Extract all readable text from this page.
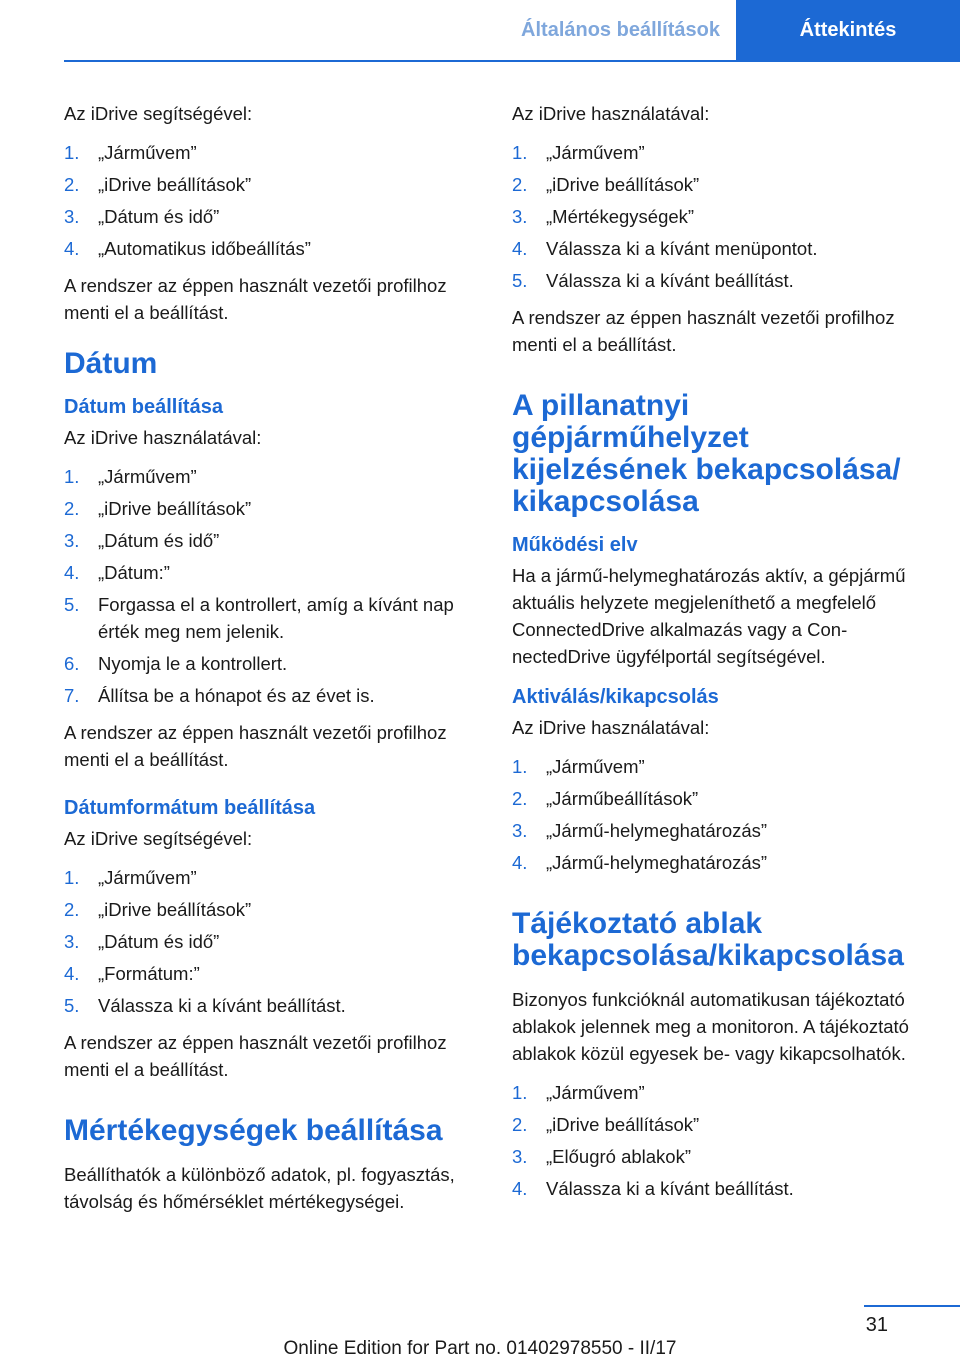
Általános beállítások	Áttekintés

Az iDrive segítségével:

1. „Járművem”
2. „iDrive beállítások”
3. „Dátum és idő”
4. „Automatikus időbeállítás”

A rendszer az éppen használt vezetői profilhoz menti el a beállítást.

Dátum
Dátum beállítása

Az iDrive használatával:

1. „Járművem”
2. „iDrive beállítások”
3. „Dátum és idő”
4. „Dátum:”
5. Forgassa el a kontrollert, amíg a kívánt nap érték meg nem jelenik.
6. Nyomja le a kontrollert.
7. Állítsa be a hónapot és az évet is.

A rendszer az éppen használt vezetői profilhoz menti el a beállítást.

Dátumformátum beállítása

Az iDrive segítségével:

1. „Járművem”
2. „iDrive beállítások”
3. „Dátum és idő”
4. „Formátum:”
5. Válassza ki a kívánt beállítást.

A rendszer az éppen használt vezetői profilhoz menti el a beállítást.

Mértékegységek beállítása

Beállíthatók a különböző adatok, pl. fogyasztás, távolság és hőmérséklet mértékegységei.

Az iDrive használatával:

1. „Járművem”
2. „iDrive beállítások”
3. „Mértékegységek”
4. Válassza ki a kívánt menüpontot.
5. Válassza ki a kívánt beállítást.

A rendszer az éppen használt vezetői profilhoz menti el a beállítást.

A pillanatnyi gépjárműhelyzet kijelzésének bekapcsolása/ kikapcsolása
Működési elv

Ha a jármű-helymeghatározás aktív, a gépjármű aktuális helyzete megjeleníthető a megfelelő ConnectedDrive alkalmazás vagy a ConnectedDrive ügyfélportál segítségével.

Aktiválás/kikapcsolás

Az iDrive használatával:

1. „Járművem”
2. „Járműbeállítások”
3. „Jármű-helymeghatározás”
4. „Jármű-helymeghatározás”
Tájékoztató ablak bekapcsolása/kikapcsolása

Bizonyos funkcióknál automatikusan tájékoztató ablakok jelennek meg a monitoron. A tájékoztató ablakok közül egyesek be- vagy kikapcsolhatók.

1. „Járművem”
2. „iDrive beállítások”
3. „Előugró ablakok”
4. Válassza ki a kívánt beállítást.
31
Online Edition for Part no. 01402978550 - II/17
